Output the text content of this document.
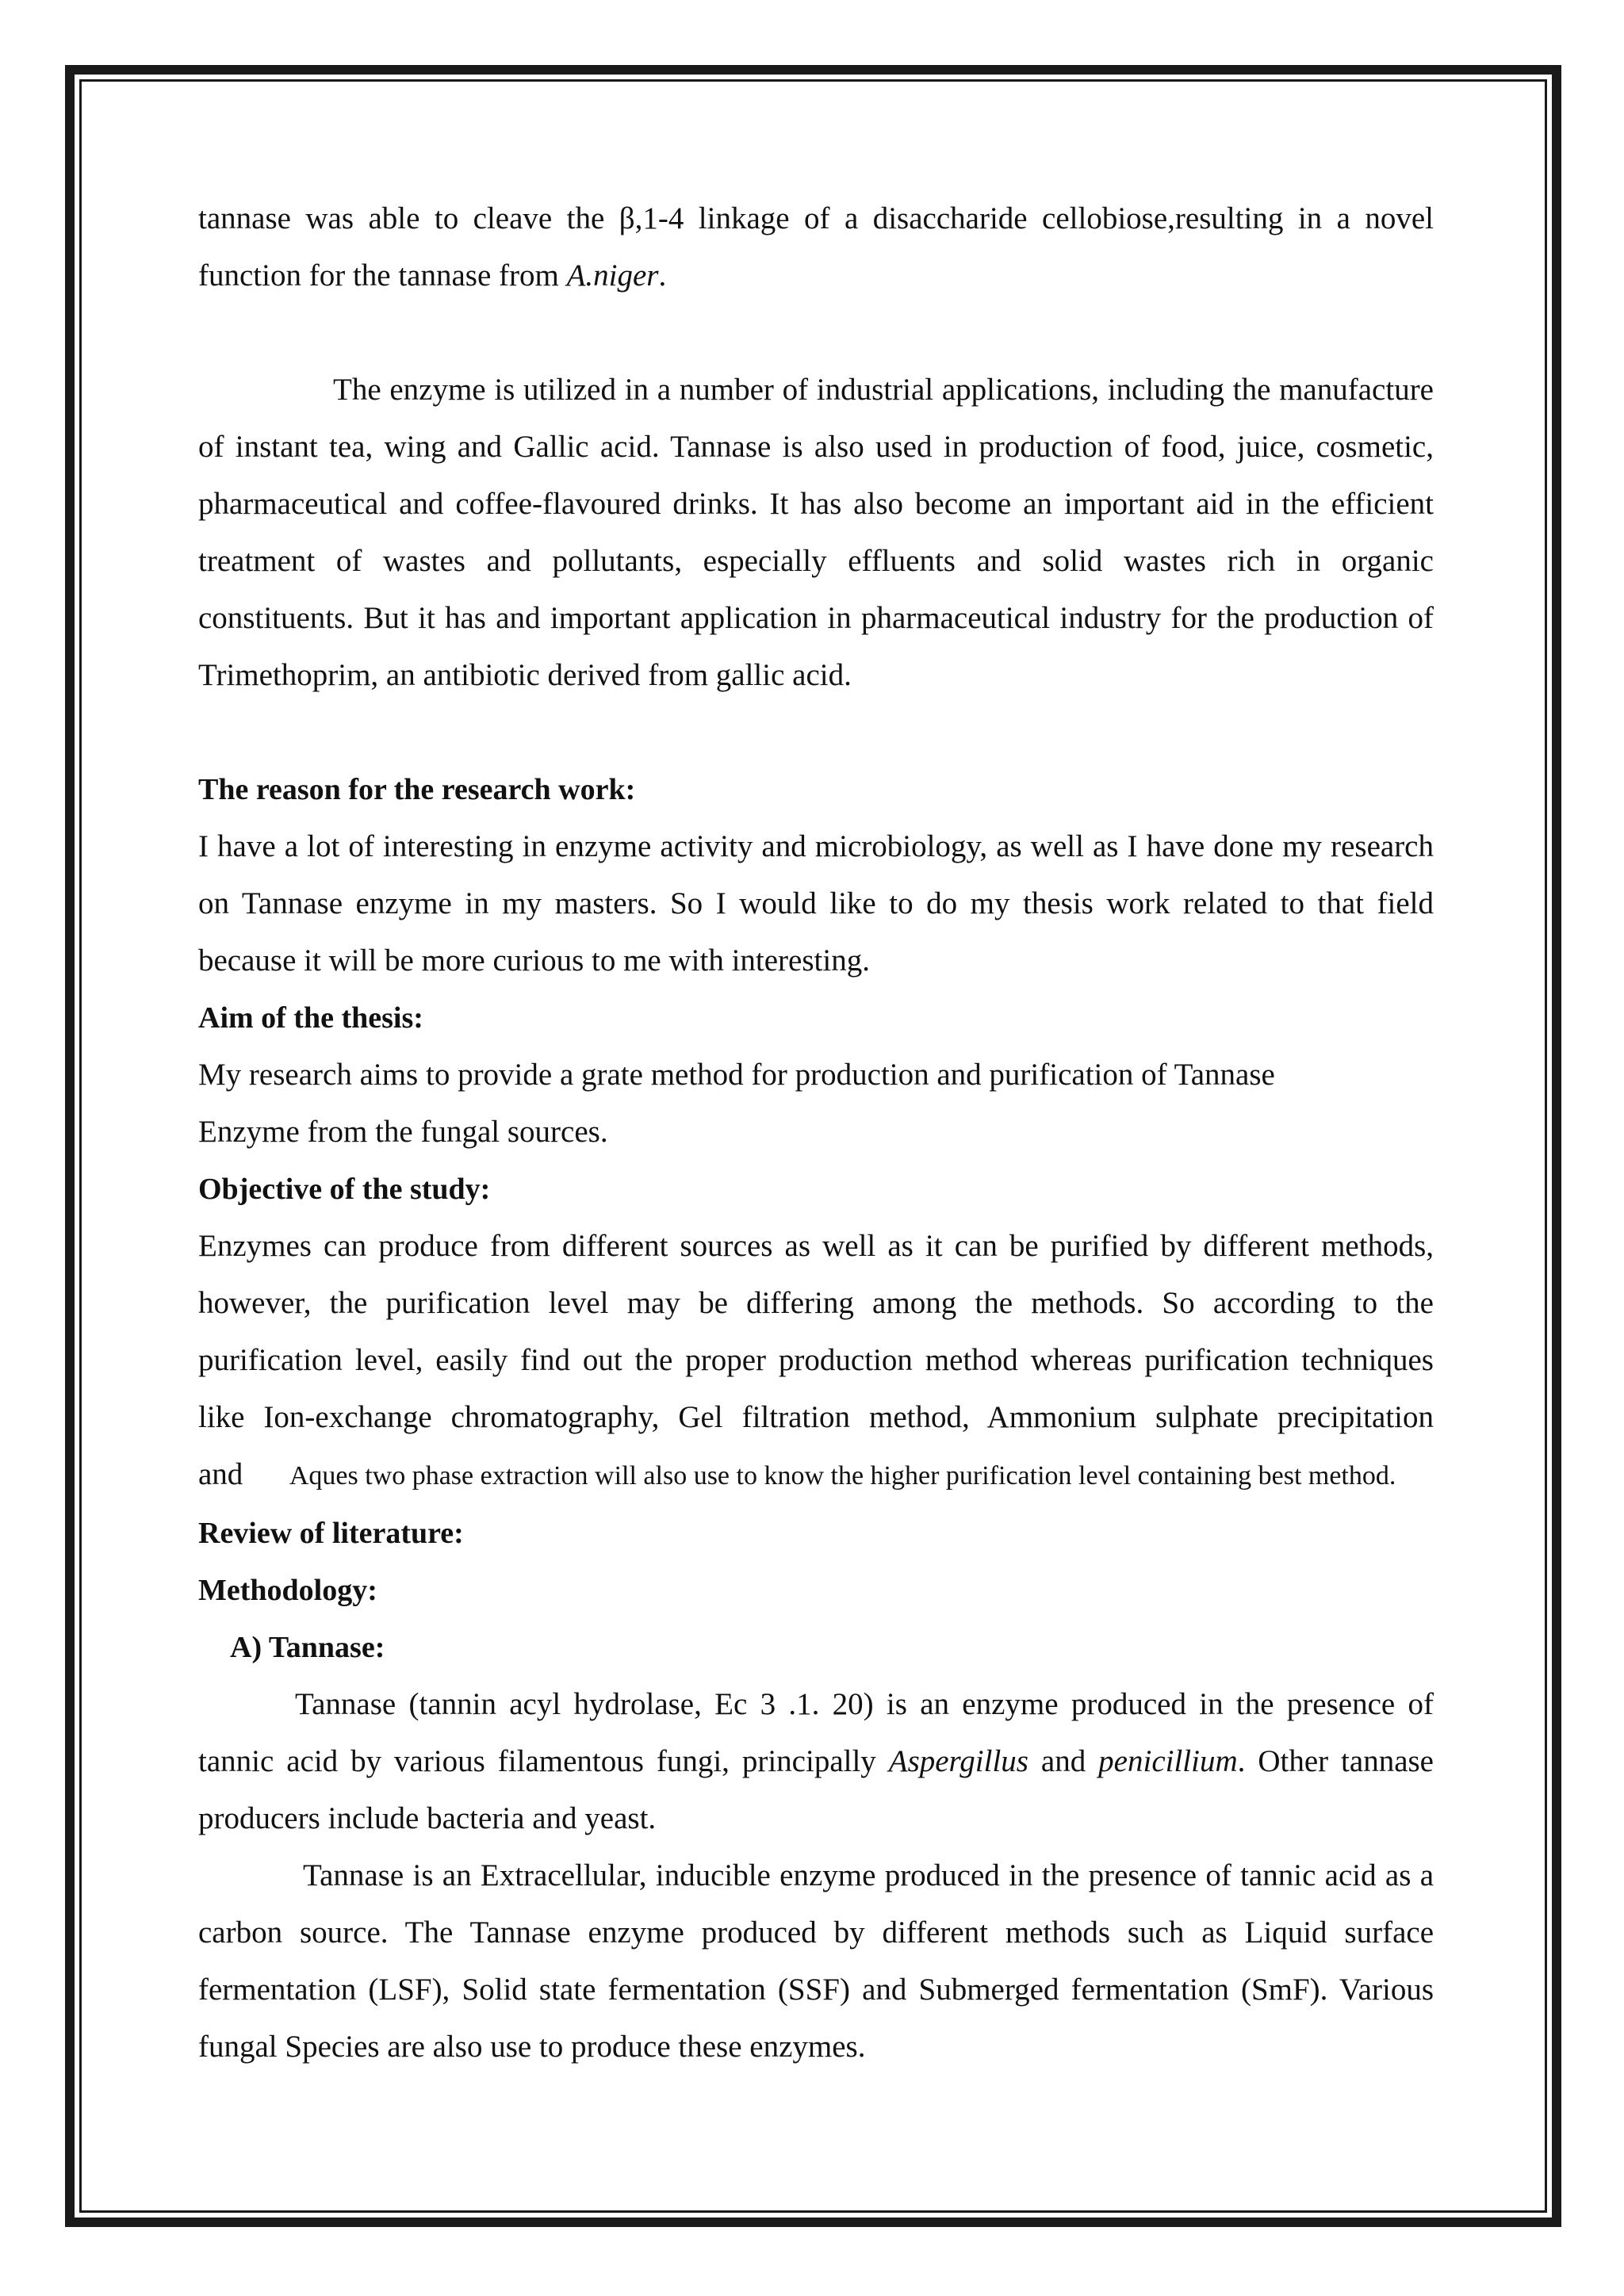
tannase was able to cleave the β,1-4 linkage of a disaccharide cellobiose,resulting in a novel function for the tannase from A.niger.

The enzyme is utilized in a number of industrial applications, including the manufacture of instant tea, wing and Gallic acid. Tannase is also used in production of food, juice, cosmetic, pharmaceutical and coffee-flavoured drinks. It has also become an important aid in the efficient treatment of wastes and pollutants, especially effluents and solid wastes rich in organic constituents. But it has and important application in pharmaceutical industry for the production of Trimethoprim, an antibiotic derived from gallic acid.

The reason for the research work:

I have a lot of interesting in enzyme activity and microbiology, as well as I have done my research on Tannase enzyme in my masters. So I would like to do my thesis work related to that field because it will be more curious to me with interesting.

Aim of the thesis:

My research aims to provide a grate method for production and purification of Tannase

Enzyme from the fungal sources.

Objective of the study:

Enzymes can produce from different sources as well as it can be purified by different methods, however, the purification level may be differing among the methods. So according to the purification level, easily find out the proper production method whereas purification techniques like Ion-exchange chromatography, Gel filtration method, Ammonium sulphate precipitation and Aques two phase extraction will also use to know the higher purification level containing best method.

Review of literature:
Methodology:
A) Tannase:

Tannase (tannin acyl hydrolase, Ec 3 .1. 20) is an enzyme produced in the presence of tannic acid by various filamentous fungi, principally Aspergillus and penicillium. Other tannase producers include bacteria and yeast.

Tannase is an Extracellular, inducible enzyme produced in the presence of tannic acid as a carbon source. The Tannase enzyme produced by different methods such as Liquid surface fermentation (LSF), Solid state fermentation (SSF) and Submerged fermentation (SmF). Various fungal Species are also use to produce these enzymes.
